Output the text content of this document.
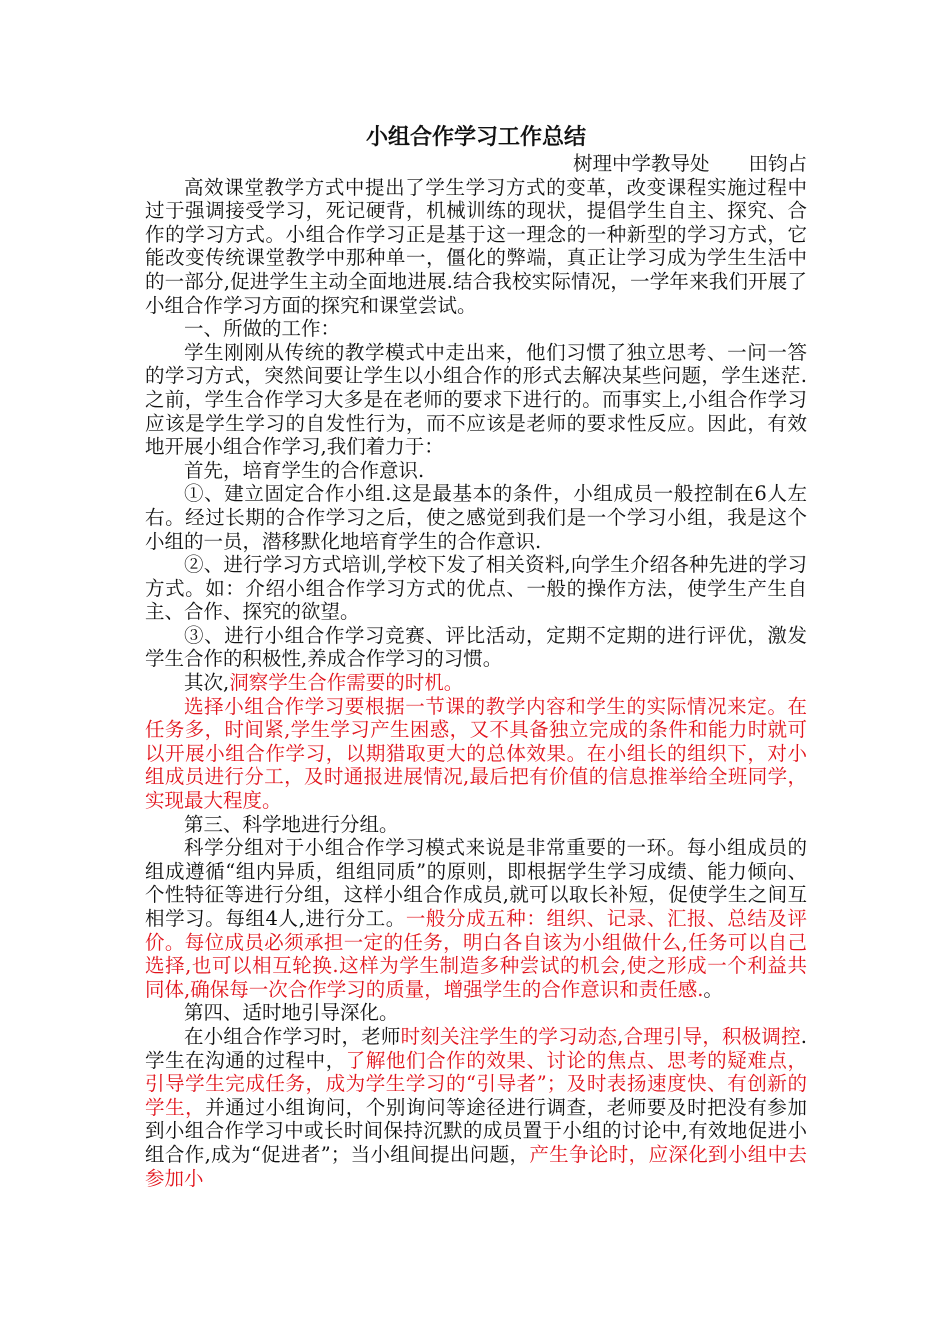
小组合作学习工作总结
树理中学教导处　　田钧占

高效课堂教学方式中提出了学生学习方式的变革，改变课程实施过程中过于强调接受学习，死记硬背，机械训练的现状，提倡学生自主、探究、合作的学习方式。小组合作学习正是基于这一理念的一种新型的学习方式，它能改变传统课堂教学中那种单一，僵化的弊端，真正让学习成为学生生活中的一部分,促进学生主动全面地进展.结合我校实际情况，一学年来我们开展了小组合作学习方面的探究和课堂尝试。

一、所做的工作：

学生刚刚从传统的教学模式中走出来，他们习惯了独立思考、一问一答的学习方式，突然间要让学生以小组合作的形式去解决某些问题，学生迷茫.之前，学生合作学习大多是在老师的要求下进行的。而事实上,小组合作学习应该是学生学习的自发性行为，而不应该是老师的要求性反应。因此，有效地开展小组合作学习,我们着力于：

首先，培育学生的合作意识.

①、建立固定合作小组.这是最基本的条件，小组成员一般控制在6人左右。经过长期的合作学习之后，使之感觉到我们是一个学习小组，我是这个小组的一员，潜移默化地培育学生的合作意识.

②、进行学习方式培训,学校下发了相关资料,向学生介绍各种先进的学习方式。如：介绍小组合作学习方式的优点、一般的操作方法，使学生产生自主、合作、探究的欲望。

③、进行小组合作学习竞赛、评比活动，定期不定期的进行评优，激发学生合作的积极性,养成合作学习的习惯。

其次,洞察学生合作需要的时机。

选择小组合作学习要根据一节课的教学内容和学生的实际情况来定。在任务多，时间紧,学生学习产生困惑，又不具备独立完成的条件和能力时就可以开展小组合作学习，以期猎取更大的总体效果。在小组长的组织下，对小组成员进行分工，及时通报进展情况,最后把有价值的信息推举给全班同学，实现最大程度。

第三、科学地进行分组。

科学分组对于小组合作学习模式来说是非常重要的一环。每小组成员的组成遵循“组内异质，组组同质”的原则，即根据学生学习成绩、能力倾向、个性特征等进行分组，这样小组合作成员,就可以取长补短，促使学生之间互相学习。每组4人,进行分工。一般分成五种：组织、记录、汇报、总结及评价。每位成员必须承担一定的任务，明白各自该为小组做什么,任务可以自己选择,也可以相互轮换.这样为学生制造多种尝试的机会,使之形成一个利益共同体,确保每一次合作学习的质量，增强学生的合作意识和责任感.。

第四、适时地引导深化。

在小组合作学习时，老师时刻关注学生的学习动态,合理引导，积极调控.学生在沟通的过程中，了解他们合作的效果、讨论的焦点、思考的疑难点，引导学生完成任务，成为学生学习的“引导者”；及时表扬速度快、有创新的学生，并通过小组询问，个别询问等途径进行调查，老师要及时把没有参加到小组合作学习中或长时间保持沉默的成员置于小组的讨论中,有效地促进小组合作,成为“促进者”；当小组间提出问题，产生争论时，应深化到小组中去参加小
